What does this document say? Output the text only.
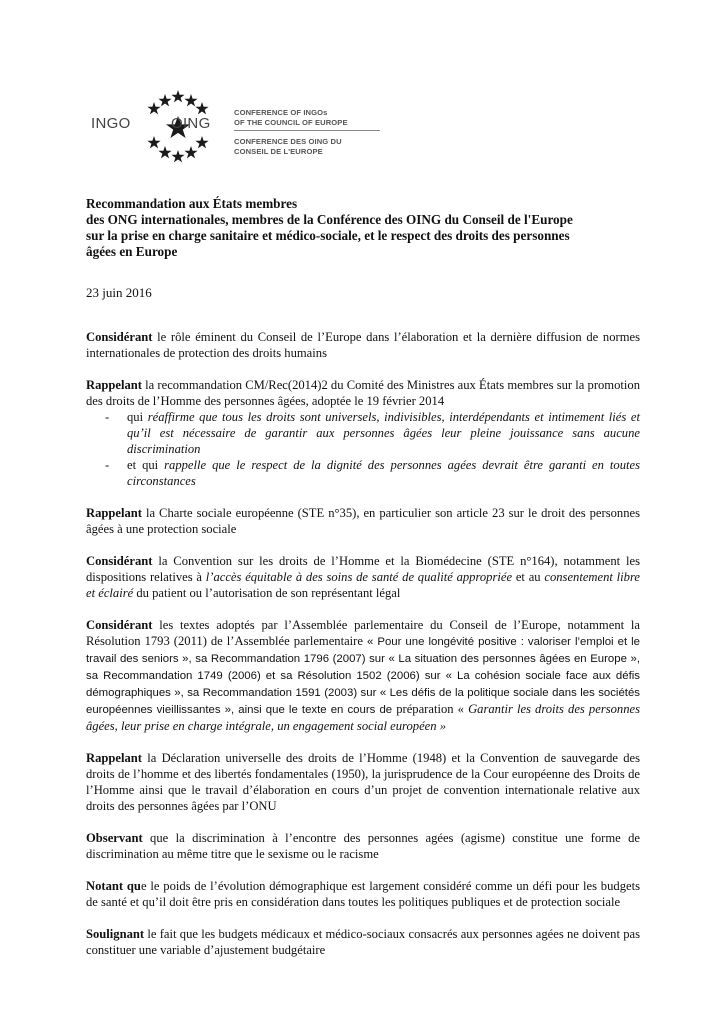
INGO	OING
CONFERENCE OF INGOs
OF THE COUNCIL OF EUROPE
CONFERENCE DES OING DU
CONSEIL DE L'EUROPE
Recommandation aux États membres
des ONG internationales, membres de la Conférence des OING du Conseil de l'Europe
sur la prise en charge sanitaire et médico-sociale, et le respect des droits des personnes
âgées en Europe
23 juin 2016

Considérant le rôle éminent du Conseil de l’Europe dans l’élaboration et la dernière diffusion de normes internationales de protection des droits humains

Rappelant la recommandation CM/Rec(2014)2 du Comité des Ministres aux États membres sur la promotion des droits de l’Homme des personnes âgées, adoptée le 19 février 2014
-	qui réaffirme que tous les droits sont universels, indivisibles, interdépendants et intimement liés et qu’il est nécessaire de garantir aux personnes âgées leur pleine jouissance sans aucune discrimination
-	et qui rappelle que le respect de la dignité des personnes agées devrait être garanti en toutes circonstances

Rappelant la Charte sociale européenne (STE n°35), en particulier son article 23 sur le droit des personnes âgées à une protection sociale

Considérant la Convention sur les droits de l’Homme et la Biomédecine (STE n°164), notamment les dispositions relatives à l’accès équitable à des soins de santé de qualité appropriée et au consentement libre et éclairé du patient ou l’autorisation de son représentant légal

Considérant les textes adoptés par l’Assemblée parlementaire du Conseil de l’Europe, notamment la Résolution 1793 (2011) de l’Assemblée parlementaire « Pour une longévité positive : valoriser l’emploi et le travail des seniors », sa Recommandation 1796 (2007) sur « La situation des personnes âgées en Europe », sa Recommandation 1749 (2006) et sa Résolution 1502 (2006) sur « La cohésion sociale face aux défis démographiques », sa Recommandation 1591 (2003) sur « Les défis de la politique sociale dans les sociétés européennes vieillissantes », ainsi que le texte en cours de préparation « Garantir les droits des personnes âgées, leur prise en charge intégrale, un engagement social européen »

Rappelant la Déclaration universelle des droits de l’Homme (1948) et la Convention de sauvegarde des droits de l’homme et des libertés fondamentales (1950), la jurisprudence de la Cour européenne des Droits de l’Homme ainsi que le travail d’élaboration en cours d’un projet de convention internationale relative aux droits des personnes âgées par l’ONU

Observant que la discrimination à l’encontre des personnes agées (agisme) constitue une forme de discrimination au même titre que le sexisme ou le racisme

Notant que le poids de l’évolution démographique est largement considéré comme un défi pour les budgets de santé et qu’il doit être pris en considération dans toutes les politiques publiques et de protection sociale

Soulignant le fait que les budgets médicaux et médico-sociaux consacrés aux personnes agées ne doivent pas constituer une variable d’ajustement budgétaire
